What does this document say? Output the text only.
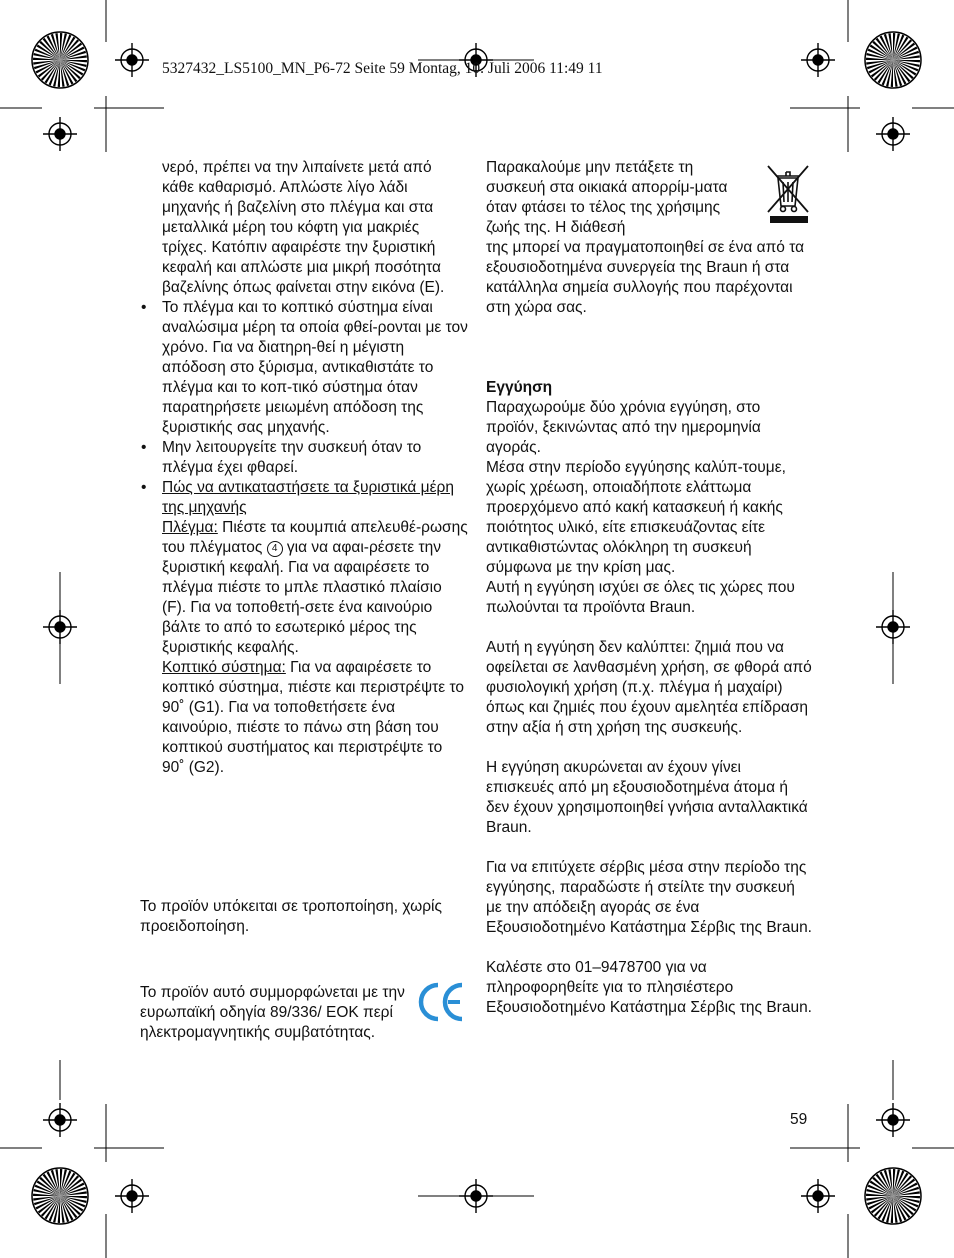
5327432_LS5100_MN_P6-72 Seite 59 Montag, 10. Juli 2006 11:49 11

νερό, πρέπει να την λιπαίνετε μετά από κάθε καθαρισμό. Απλώστε λίγο λάδι μηχανής ή βαζελίνη στο πλέγμα και στα μεταλλικά μέρη του κόφτη για μακριές τρίχες. Κατόπιν αφαιρέστε την ξυριστική κεφαλή και απλώστε μια μικρή ποσότητα βαζελίνης όπως φαίνεται στην εικόνα (E).

• Το πλέγμα και το κοπτικό σύστημα είναι αναλώσιμα μέρη τα οποία φθεί-ρονται με τον χρόνο. Για να διατηρη-θεί η μέγιστη απόδοση στο ξύρισμα, αντικαθιστάτε το πλέγμα και το κοπ-τικό σύστημα όταν παρατηρήσετε μειωμένη απόδοση της ξυριστικής σας μηχανής.
• Μην λειτουργείτε την συσκευή όταν το πλέγμα έχει φθαρεί.
• Πώς να αντικαταστήσετε τα ξυριστικά μέρη της μηχανής
Πλέγμα: Πιέστε τα κουμπιά απελευθέ-ρωσης του πλέγματος 4 για να αφαι-ρέσετε την ξυριστική κεφαλή. Για να αφαιρέσετε το πλέγμα πιέστε το μπλε πλαστικό πλαίσιο (F). Για να τοποθετή-σετε ένα καινούριο βάλτε το από το εσωτερικό μέρος της ξυριστικής κεφαλής.
Κοπτικό σύστημα: Για να αφαιρέσετε το κοπτικό σύστημα, πιέστε και περιστρέψτε το 90˚ (G1). Για να τοποθετήσετε ένα καινούριο, πιέστε το πάνω στη βάση του κοπτικού συστήματος και περιστρέψτε το 90˚ (G2).

Το προϊόν υπόκειται σε τροποποίηση, χωρίς προειδοποίηση.

Το προϊόν αυτό συμμορφώνεται με την ευρωπαϊκή οδηγία 89/336/ ΕΟΚ περί ηλεκτρομαγνητικής συμβατότητας.

Παρακαλούμε μην πετάξετε τη συσκευή στα οικιακά απορρίμ-ματα όταν φτάσει το τέλος της χρήσιμης ζωής της. Η διάθεσή

της μπορεί να πραγματοποιηθεί σε ένα από τα εξουσιοδοτημένα συνεργεία της Braun ή στα κατάλληλα σημεία συλλογής που παρέχονται στη χώρα σας.

Εγγύηση

Παραχωρούμε δύο χρόνια εγγύηση, στο προϊόν, ξεκινώντας από την ημερομηνία αγοράς.

Μέσα στην περίοδο εγγύησης καλύπ-τουμε, χωρίς χρέωση, οποιαδήποτε ελάττωμα προερχόμενο από κακή κατασκευή ή κακής ποιότητος υλικό, είτε επισκευάζοντας είτε αντικαθιστώντας ολόκληρη τη συσκευή σύμφωνα με την κρίση μας.

Αυτή η εγγύηση ισχύει σε όλες τις χώρες που πωλούνται τα προϊόντα Braun.

Αυτή η εγγύηση δεν καλύπτει: ζημιά που να οφείλεται σε λανθασμένη χρήση, σε φθορά από φυσιολογική χρήση (π.χ. πλέγμα ή μαχαίρι) όπως και ζημιές που έχουν αμελητέα επίδραση στην αξία ή στη χρήση της συσκευής.

Η εγγύηση ακυρώνεται αν έχουν γίνει επισκευές από μη εξουσιοδοτημένα άτομα ή δεν έχουν χρησιμοποιηθεί γνήσια ανταλλακτικά Braun.

Για να επιτύχετε σέρβις μέσα στην περίοδο της εγγύησης, παραδώστε ή στείλτε την συσκευή με την απόδειξη αγοράς σε ένα Εξουσιοδοτημένο Κατάστημα Σέρβις της Braun.

Καλέστε στο 01–9478700 για να πληροφορηθείτε για το πλησιέστερο Εξουσιοδοτημένο Κατάστημα Σέρβις της Braun.

59
